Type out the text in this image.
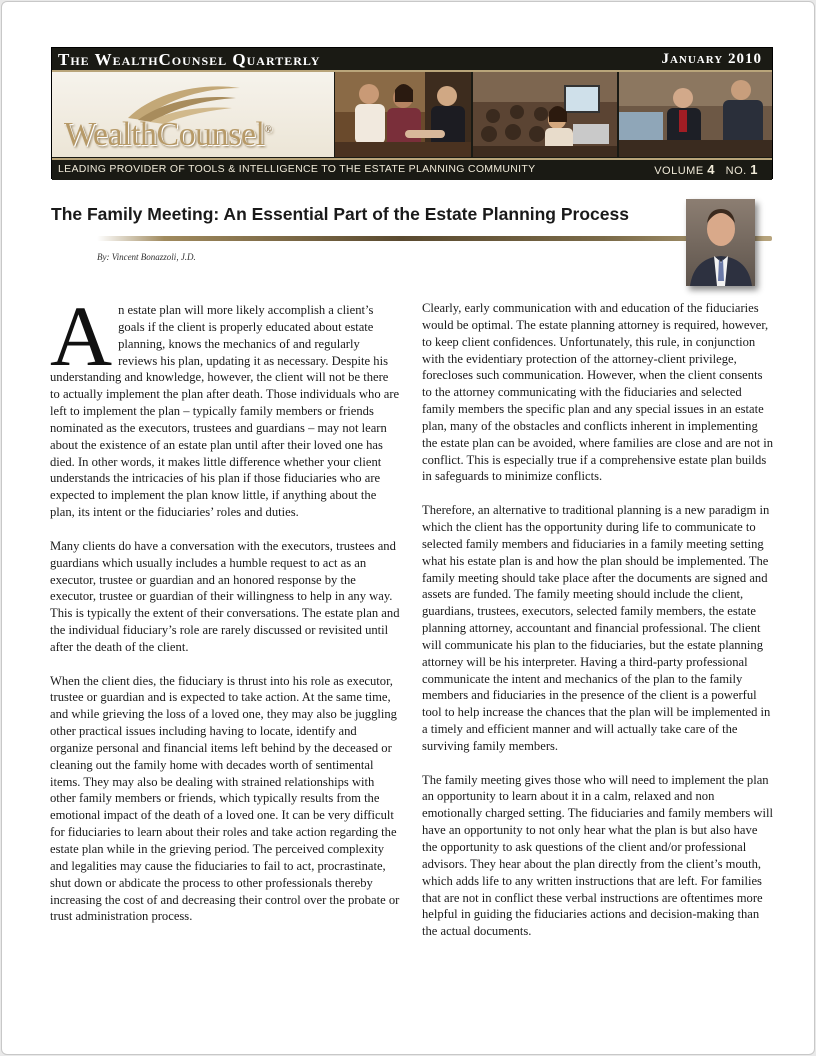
The WealthCounsel Quarterly	January 2010
WealthCounsel®
LEADING PROVIDER OF TOOLS & INTELLIGENCE TO THE ESTATE PLANNING COMMUNITY	VOLUME 4 NO. 1
The Family Meeting: An Essential Part of the Estate Planning Process
By: Vincent Bonazzoli, J.D.

An estate plan will more likely accomplish a client’s goals if the client is properly educated about estate planning, knows the mechanics of and regularly reviews his plan, updating it as necessary. Despite his understanding and knowledge, however, the client will not be there to actually implement the plan after death. Those individuals who are left to implement the plan – typically family members or friends nominated as the executors, trustees and guardians – may not learn about the existence of an estate plan until after their loved one has died. In other words, it makes little difference whether your client understands the intricacies of his plan if those fiduciaries who are expected to implement the plan know little, if anything about the plan, its intent or the fiduciaries’ roles and duties.

Many clients do have a conversation with the executors, trustees and guardians which usually includes a humble request to act as an executor, trustee or guardian and an honored response by the executor, trustee or guardian of their willingness to help in any way. This is typically the extent of their conversations. The estate plan and the individual fiduciary’s role are rarely discussed or revisited until after the death of the client.

When the client dies, the fiduciary is thrust into his role as executor, trustee or guardian and is expected to take action. At the same time, and while grieving the loss of a loved one, they may also be juggling other practical issues including having to locate, identify and organize personal and financial items left behind by the deceased or cleaning out the family home with decades worth of sentimental items. They may also be dealing with strained relationships with other family members or friends, which typically results from the emotional impact of the death of a loved one. It can be very difficult for fiduciaries to learn about their roles and take action regarding the estate plan while in the grieving period. The perceived complexity and legalities may cause the fiduciaries to fail to act, procrastinate, shut down or abdicate the process to other professionals thereby increasing the cost of and decreasing their control over the probate or trust administration process.

Clearly, early communication with and education of the fiduciaries would be optimal. The estate planning attorney is required, however, to keep client confidences. Unfortunately, this rule, in conjunction with the evidentiary protection of the attorney-client privilege, forecloses such communication. However, when the client consents to the attorney communicating with the fiduciaries and selected family members the specific plan and any special issues in an estate plan, many of the obstacles and conflicts inherent in implementing the estate plan can be avoided, where families are close and are not in conflict. This is especially true if a comprehensive estate plan builds in safeguards to minimize conflicts.

Therefore, an alternative to traditional planning is a new paradigm in which the client has the opportunity during life to communicate to selected family members and fiduciaries in a family meeting setting what his estate plan is and how the plan should be implemented. The family meeting should take place after the documents are signed and assets are funded. The family meeting should include the client, guardians, trustees, executors, selected family members, the estate planning attorney, accountant and financial professional. The client will communicate his plan to the fiduciaries, but the estate planning attorney will be his interpreter. Having a third-party professional communicate the intent and mechanics of the plan to the family members and fiduciaries in the presence of the client is a powerful tool to help increase the chances that the plan will be implemented in a timely and efficient manner and will actually take care of the surviving family members.

The family meeting gives those who will need to implement the plan an opportunity to learn about it in a calm, relaxed and non emotionally charged setting. The fiduciaries and family members will have an opportunity to not only hear what the plan is but also have the opportunity to ask questions of the client and/or professional advisors. They hear about the plan directly from the client’s mouth, which adds life to any written instructions that are left. For families that are not in conflict these verbal instructions are oftentimes more helpful in guiding the fiduciaries actions and decision-making than the actual documents.
